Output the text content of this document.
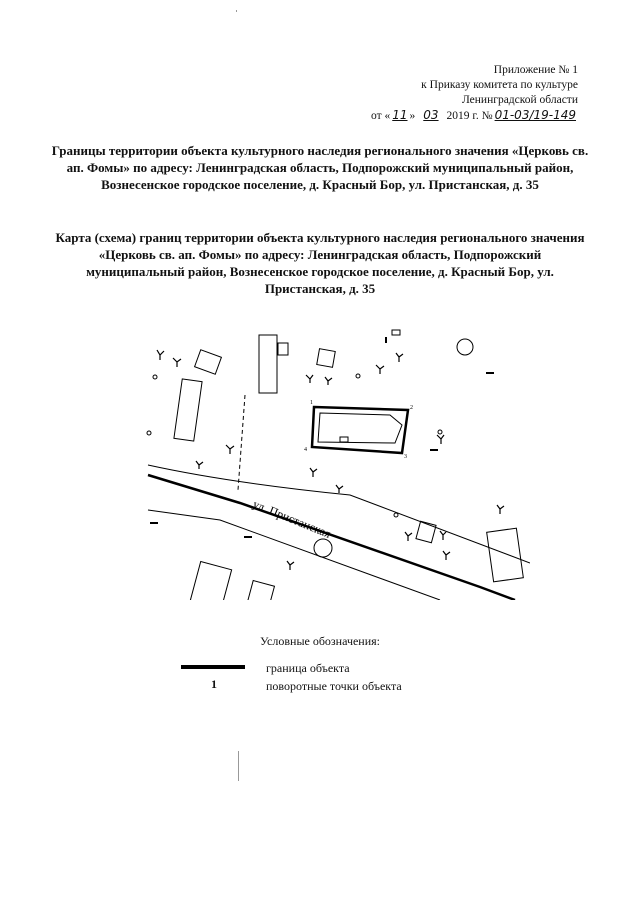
Приложение № 1
к Приказу комитета по культуре
Ленинградской области
от « 11 » 03 2019 г. № 01-03/19-149
Границы территории объекта культурного наследия регионального значения «Церковь св. ап. Фомы» по адресу: Ленинградская область, Подпорожский муниципальный район, Вознесенское городское поселение, д. Красный Бор, ул. Пристанская, д. 35
Карта (схема) границ территории объекта культурного наследия регионального значения «Церковь св. ап. Фомы» по адресу: Ленинградская область, Подпорожский муниципальный район, Вознесенское городское поселение, д. Красный Бор, ул. Пристанская, д. 35
1
2
3
4
ул. Пристанская
Условные обозначения:
граница объекта
1	поворотные точки объекта
